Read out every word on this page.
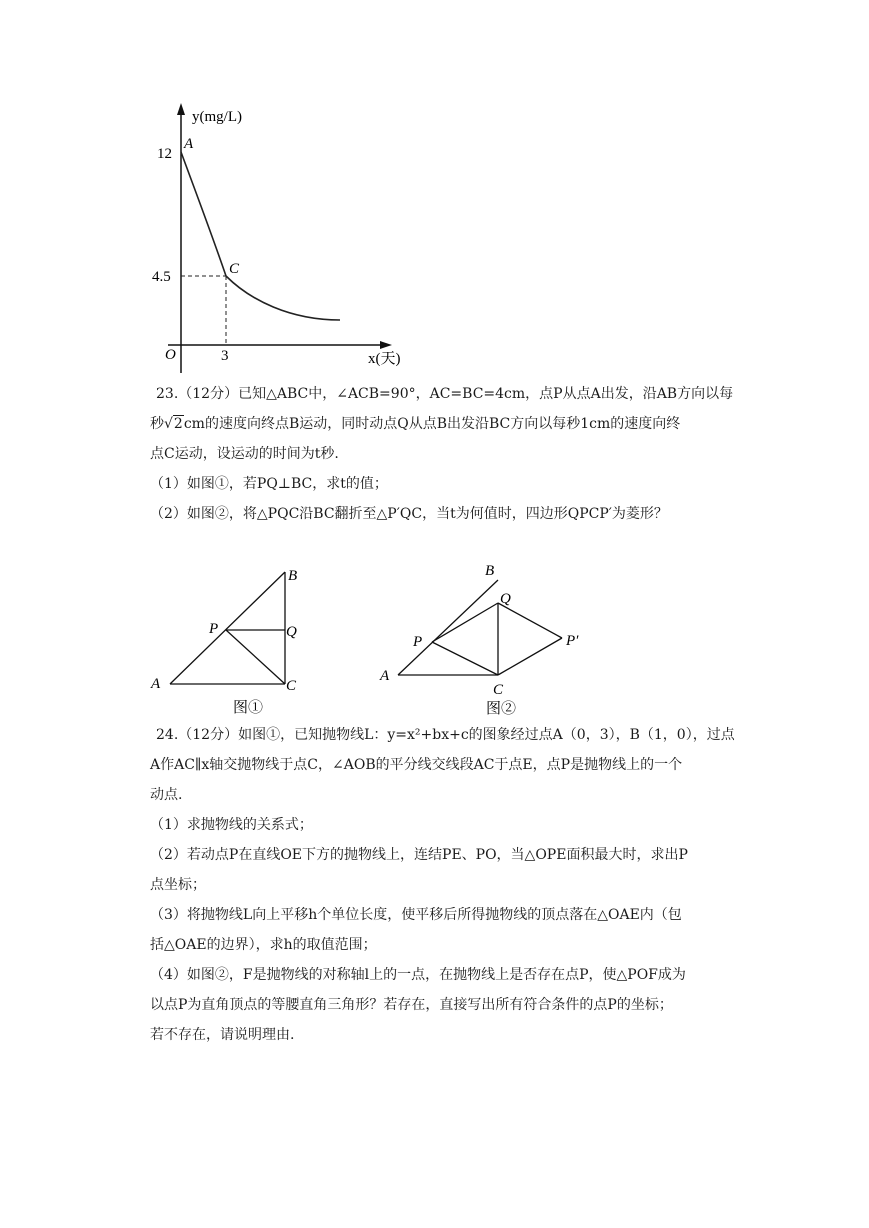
y(mg/L)
A
12
C
4.5
O	3	x(天)
23.（12分）已知△ABC中，∠ACB=90°，AC=BC=4cm，点P从点A出发，沿AB方向以每
秒√2cm的速度向终点B运动，同时动点Q从点B出发沿BC方向以每秒1cm的速度向终
点C运动，设运动的时间为t秒.
（1）如图①，若PQ⊥BC，求t的值；
（2）如图②，将△PQC沿BC翻折至△P′QC，当t为何值时，四边形QPCP′为菱形？
A
B
C
P	Q
图①
A
B
Q
P	P′
C
图②
24.（12分）如图①，已知抛物线L：y=x²+bx+c的图象经过点A（0，3），B（1，0），过点
A作AC∥x轴交抛物线于点C，∠AOB的平分线交线段AC于点E，点P是抛物线上的一个
动点.
（1）求抛物线的关系式；
（2）若动点P在直线OE下方的抛物线上，连结PE、PO，当△OPE面积最大时，求出P
点坐标；
（3）将抛物线L向上平移h个单位长度，使平移后所得抛物线的顶点落在△OAE内（包
括△OAE的边界），求h的取值范围；
（4）如图②，F是抛物线的对称轴l上的一点，在抛物线上是否存在点P，使△POF成为
以点P为直角顶点的等腰直角三角形？若存在，直接写出所有符合条件的点P的坐标；
若不存在，请说明理由.
